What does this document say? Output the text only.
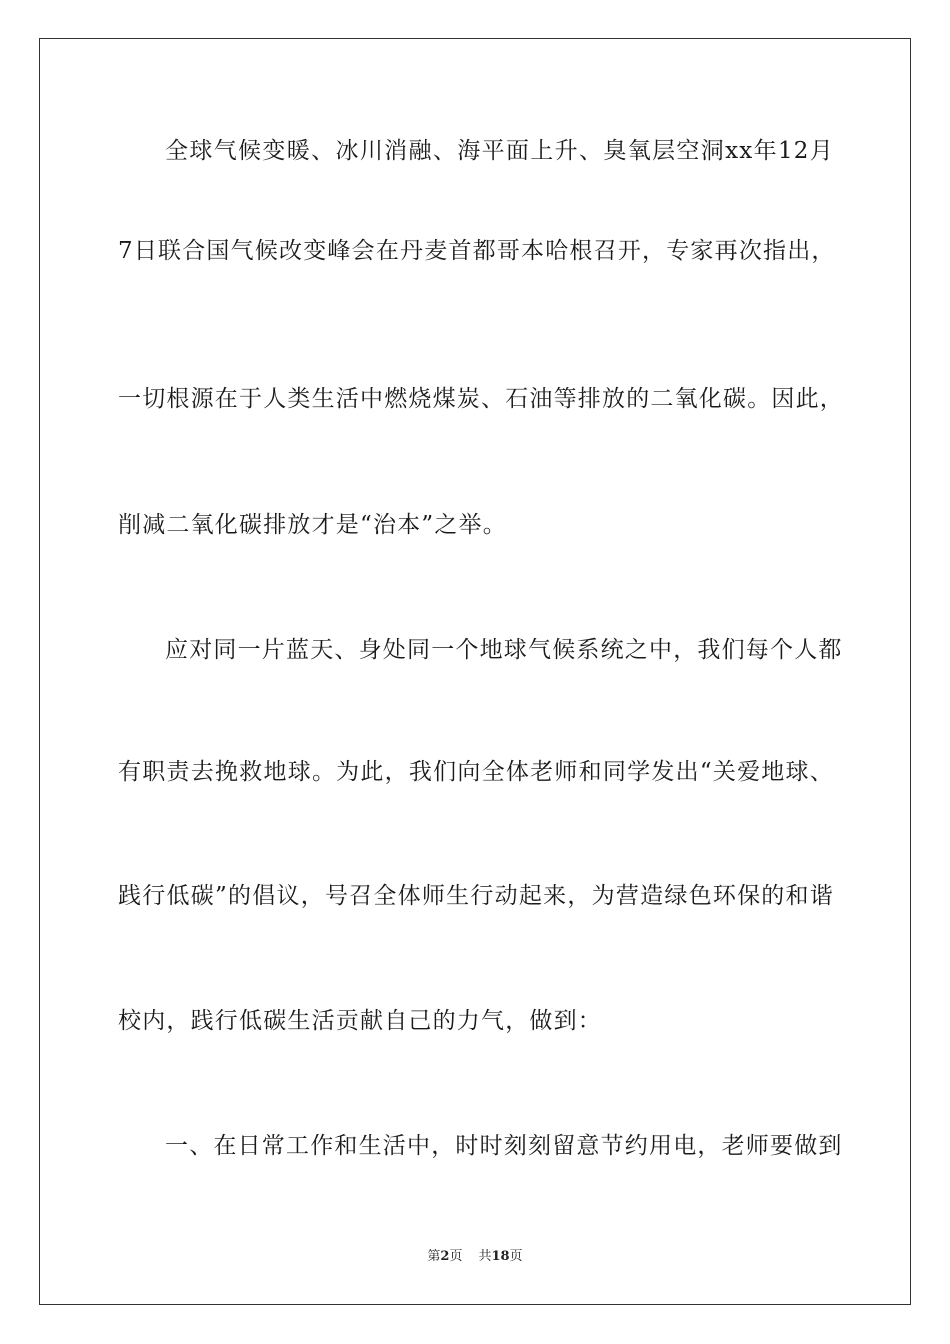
全球气候变暖、冰川消融、海平面上升、臭氧层空洞xx年12月
7日联合国气候改变峰会在丹麦首都哥本哈根召开，专家再次指出，
一切根源在于人类生活中燃烧煤炭、石油等排放的二氧化碳。因此，
削减二氧化碳排放才是“治本”之举。
应对同一片蓝天、身处同一个地球气候系统之中，我们每个人都
有职责去挽救地球。为此，我们向全体老师和同学发出“关爱地球、
践行低碳”的倡议，号召全体师生行动起来，为营造绿色环保的和谐
校内，践行低碳生活贡献自己的力气，做到：
一、在日常工作和生活中，时时刻刻留意节约用电，老师要做到
第2页 共18页
